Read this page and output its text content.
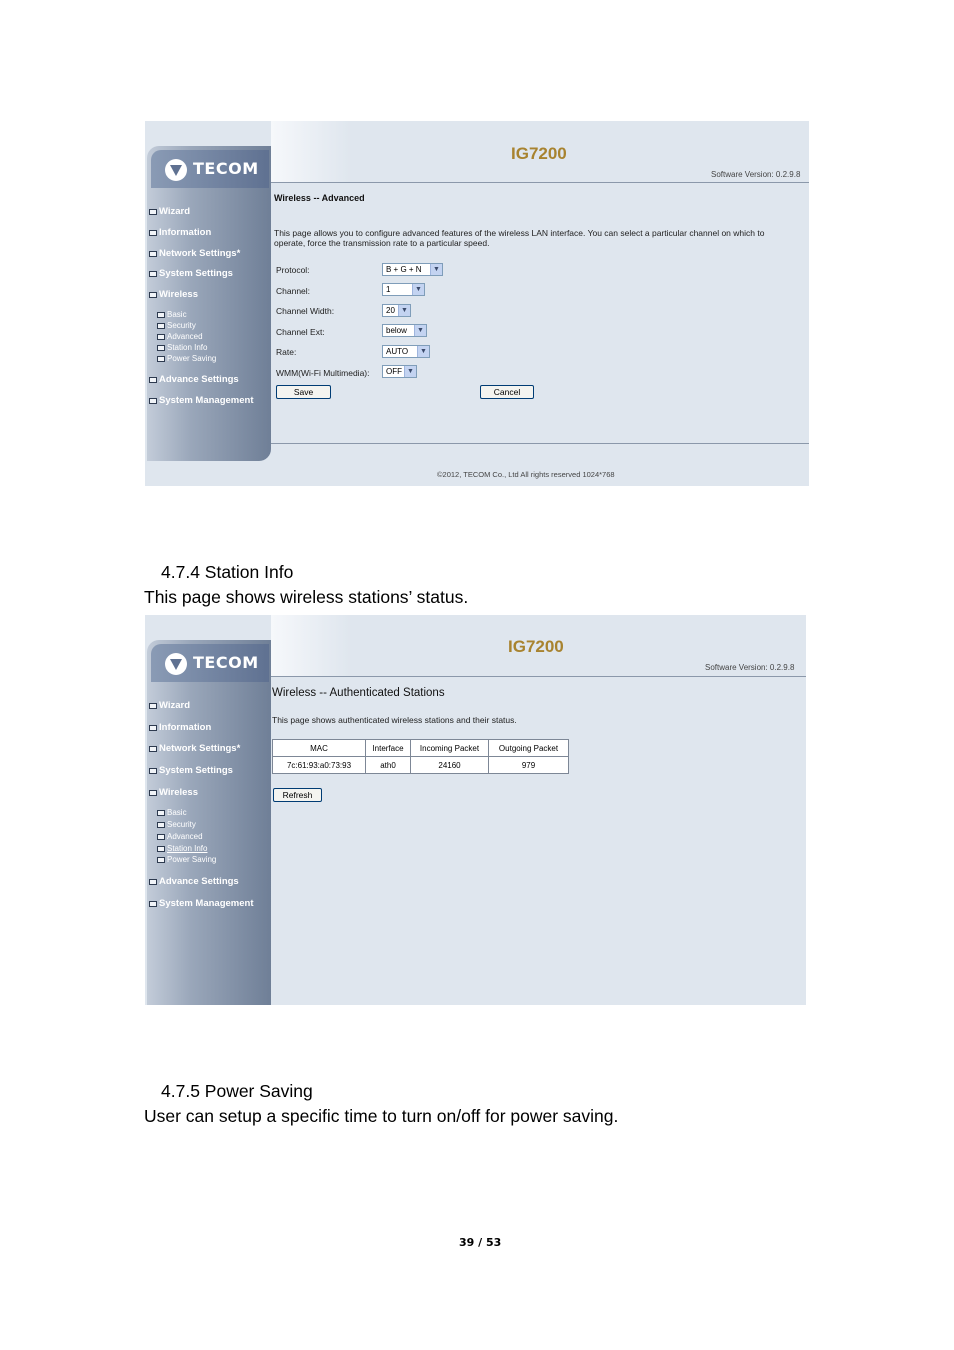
TECOM
Wizard
Information
Network Settings*
System Settings
Wireless
Basic
Security
Advanced
Station Info
Power Saving
Advance Settings
System Management
IG7200
Software Version: 0.2.9.8
Wireless -- Advanced
This page allows you to configure advanced features of the wireless LAN interface. You can select a particular channel on which to operate, force the transmission rate to a particular speed.
Protocol:	B + G + N	▼
Channel:	1	▼
Channel Width:	20 ▼
Channel Ext:	below	▼
Rate:	AUTO	▼
WMM(Wi-Fi Multimedia): OFF ▼
Save	Cancel
©2012, TECOM Co., Ltd All rights reserved 1024*768
4.7.4 Station Info
This page shows wireless stations’ status.
TECOM
Wizard
Information
Network Settings*
System Settings
Wireless
Basic
Security
Advanced
Station Info
Power Saving
Advance Settings
System Management
IG7200
Software Version: 0.2.9.8
Wireless -- Authenticated Stations
This page shows authenticated wireless stations and their status.
MAC	Interface	Incoming Packet	Outgoing Packet
7c:61:93:a0:73:93	ath0	24160	979
Refresh
4.7.5 Power Saving
User can setup a specific time to turn on/off for power saving.
39 / 53
